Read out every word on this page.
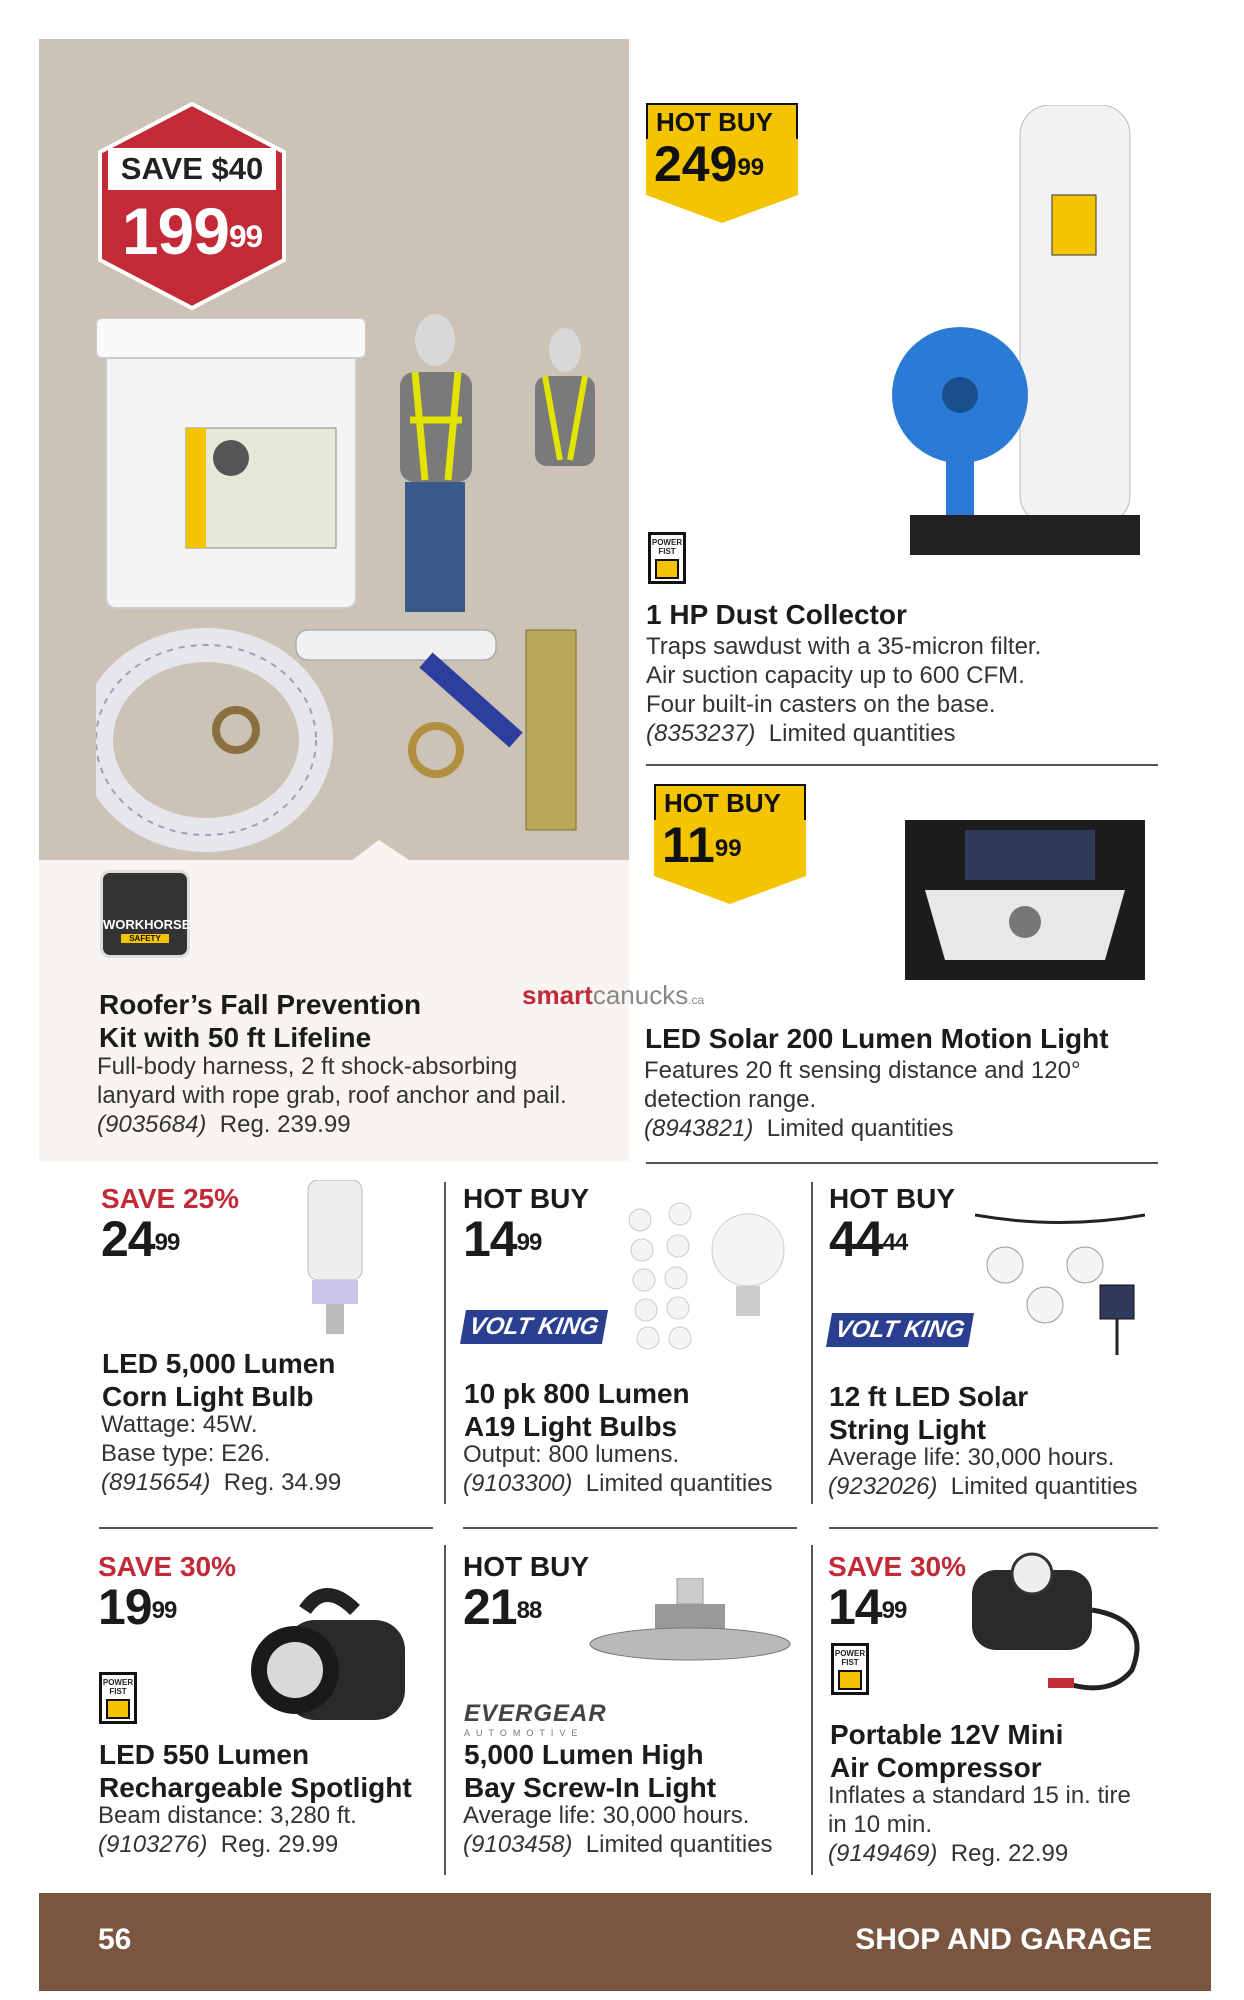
SAVE $40
$199^{99}$
WORKHORSE
SAFETY
Roofer’s Fall Prevention
Kit with 50 ft Lifeline
Full-body harness, 2 ft shock-absorbing
lanyard with rope grab, roof anchor and pail.
(9035684) Reg. 239.99
HOT BUY
$249^{99}$
POWER
FIST
1 HP Dust Collector
Traps sawdust with a 35-micron filter.
Air suction capacity up to 600 CFM.
Four built-in casters on the base.
(8353237) Limited quantities
HOT BUY
$11^{99}$
smartcanucks.ca
LED Solar 200 Lumen Motion Light
Features 20 ft sensing distance and 120°
detection range.
(8943821) Limited quantities
SAVE 25%
$24^{99}$
LED 5,000 Lumen
Corn Light Bulb
Wattage: 45W.
Base type: E26.
(8915654) Reg. 34.99
HOT BUY
$14^{99}$
VOLT KING
10 pk 800 Lumen
A19 Light Bulbs
Output: 800 lumens.
(9103300) Limited quantities
HOT BUY
$44^{44}$
VOLT KING
12 ft LED Solar
String Light
Average life: 30,000 hours.
(9232026) Limited quantities
SAVE 30%
$19^{99}$
POWER
FIST
LED 550 Lumen
Rechargeable Spotlight
Beam distance: 3,280 ft.
(9103276) Reg. 29.99
HOT BUY
$21^{88}$
EVERGEAR
AUTOMOTIVE
5,000 Lumen High
Bay Screw-In Light
Average life: 30,000 hours.
(9103458) Limited quantities
SAVE 30%
$14^{99}$
POWER
FIST
Portable 12V Mini
Air Compressor
Inflates a standard 15 in. tire
in 10 min.
(9149469) Reg. 22.99
56	SHOP AND GARAGE
